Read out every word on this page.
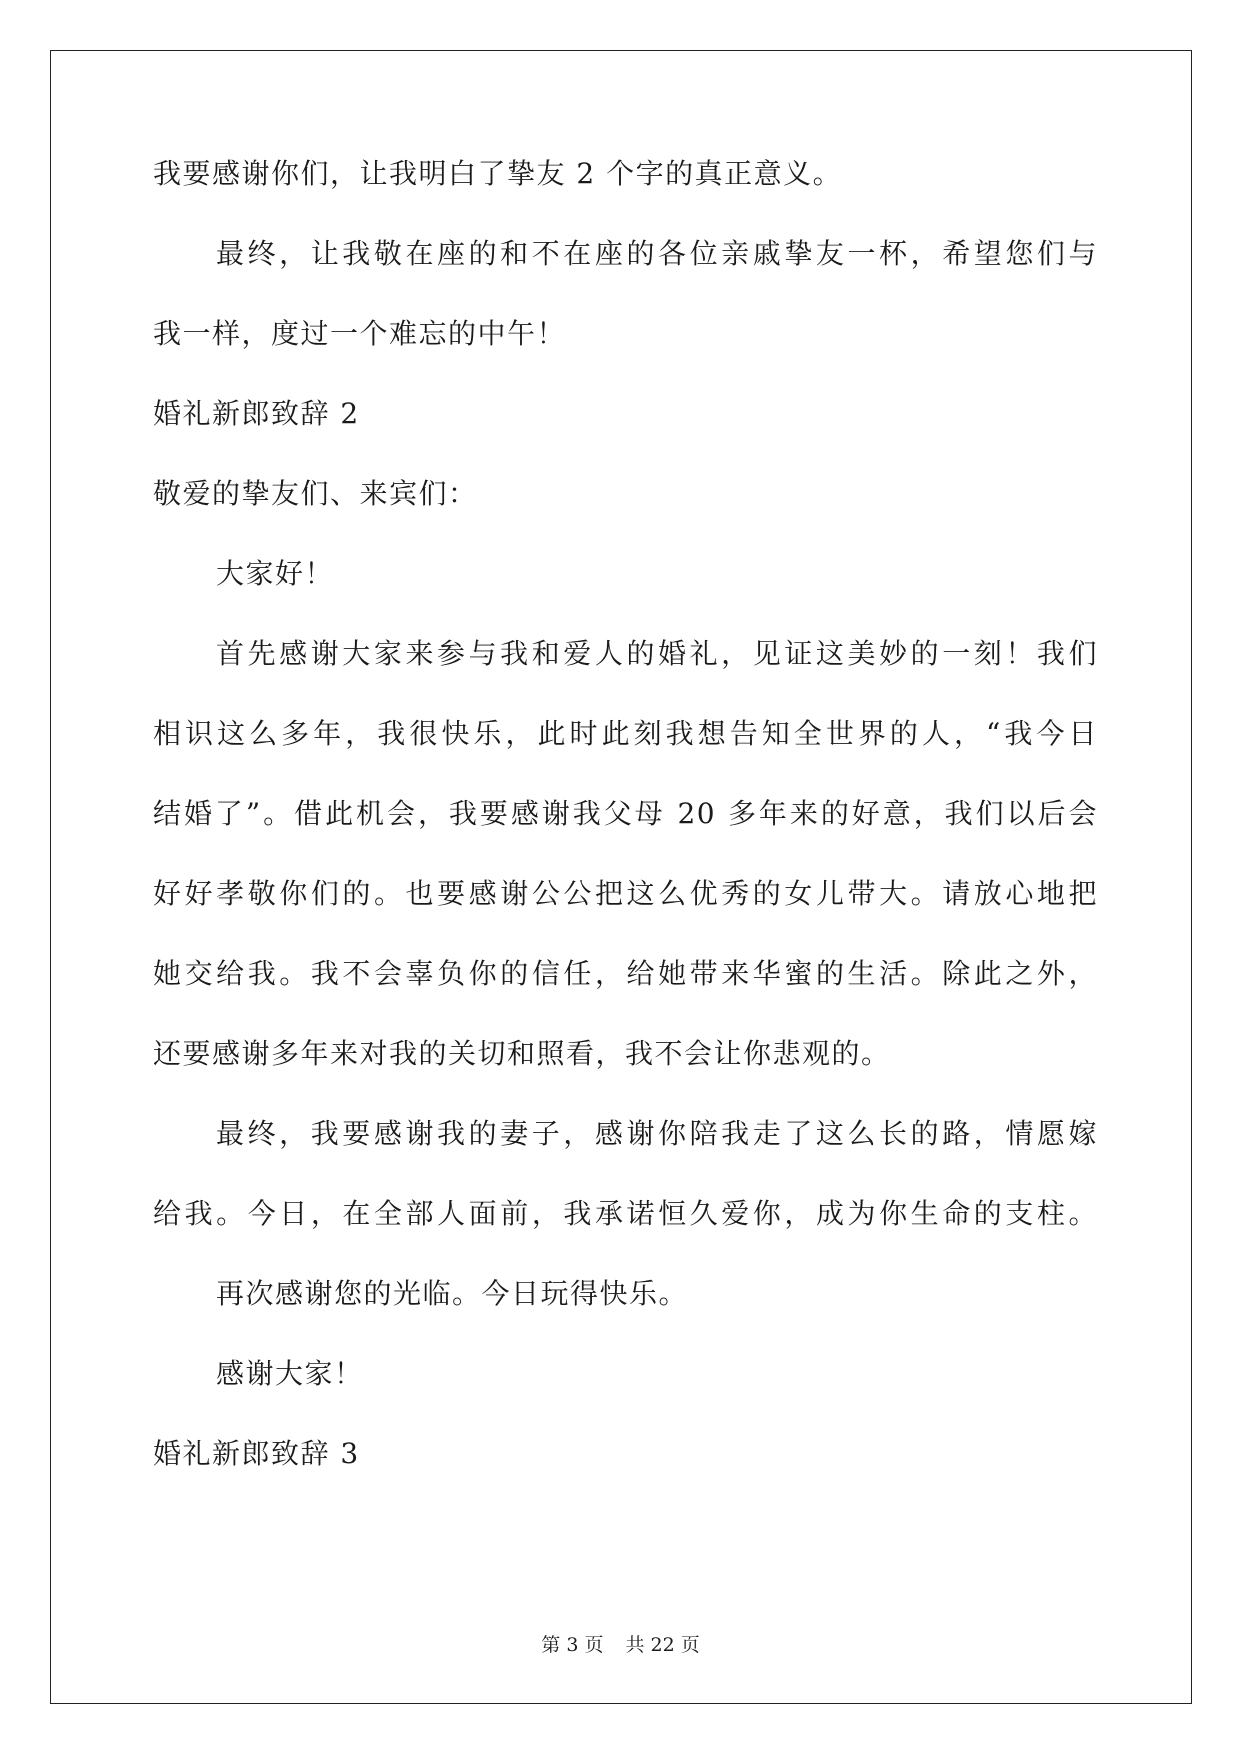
我要感谢你们，让我明白了挚友 2 个字的真正意义。
最终，让我敬在座的和不在座的各位亲戚挚友一杯，希望您们与
我一样，度过一个难忘的中午！
婚礼新郎致辞 2
敬爱的挚友们、来宾们：
大家好！
首先感谢大家来参与我和爱人的婚礼，见证这美妙的一刻！我们
相识这么多年，我很快乐，此时此刻我想告知全世界的人，“我今日
结婚了”。借此机会，我要感谢我父母 20 多年来的好意，我们以后会
好好孝敬你们的。也要感谢公公把这么优秀的女儿带大。请放心地把
她交给我。我不会辜负你的信任，给她带来华蜜的生活。除此之外，
还要感谢多年来对我的关切和照看，我不会让你悲观的。
最终，我要感谢我的妻子，感谢你陪我走了这么长的路，情愿嫁
给我。今日，在全部人面前，我承诺恒久爱你，成为你生命的支柱。
再次感谢您的光临。今日玩得快乐。
感谢大家！
婚礼新郎致辞 3
第 3 页 共 22 页
